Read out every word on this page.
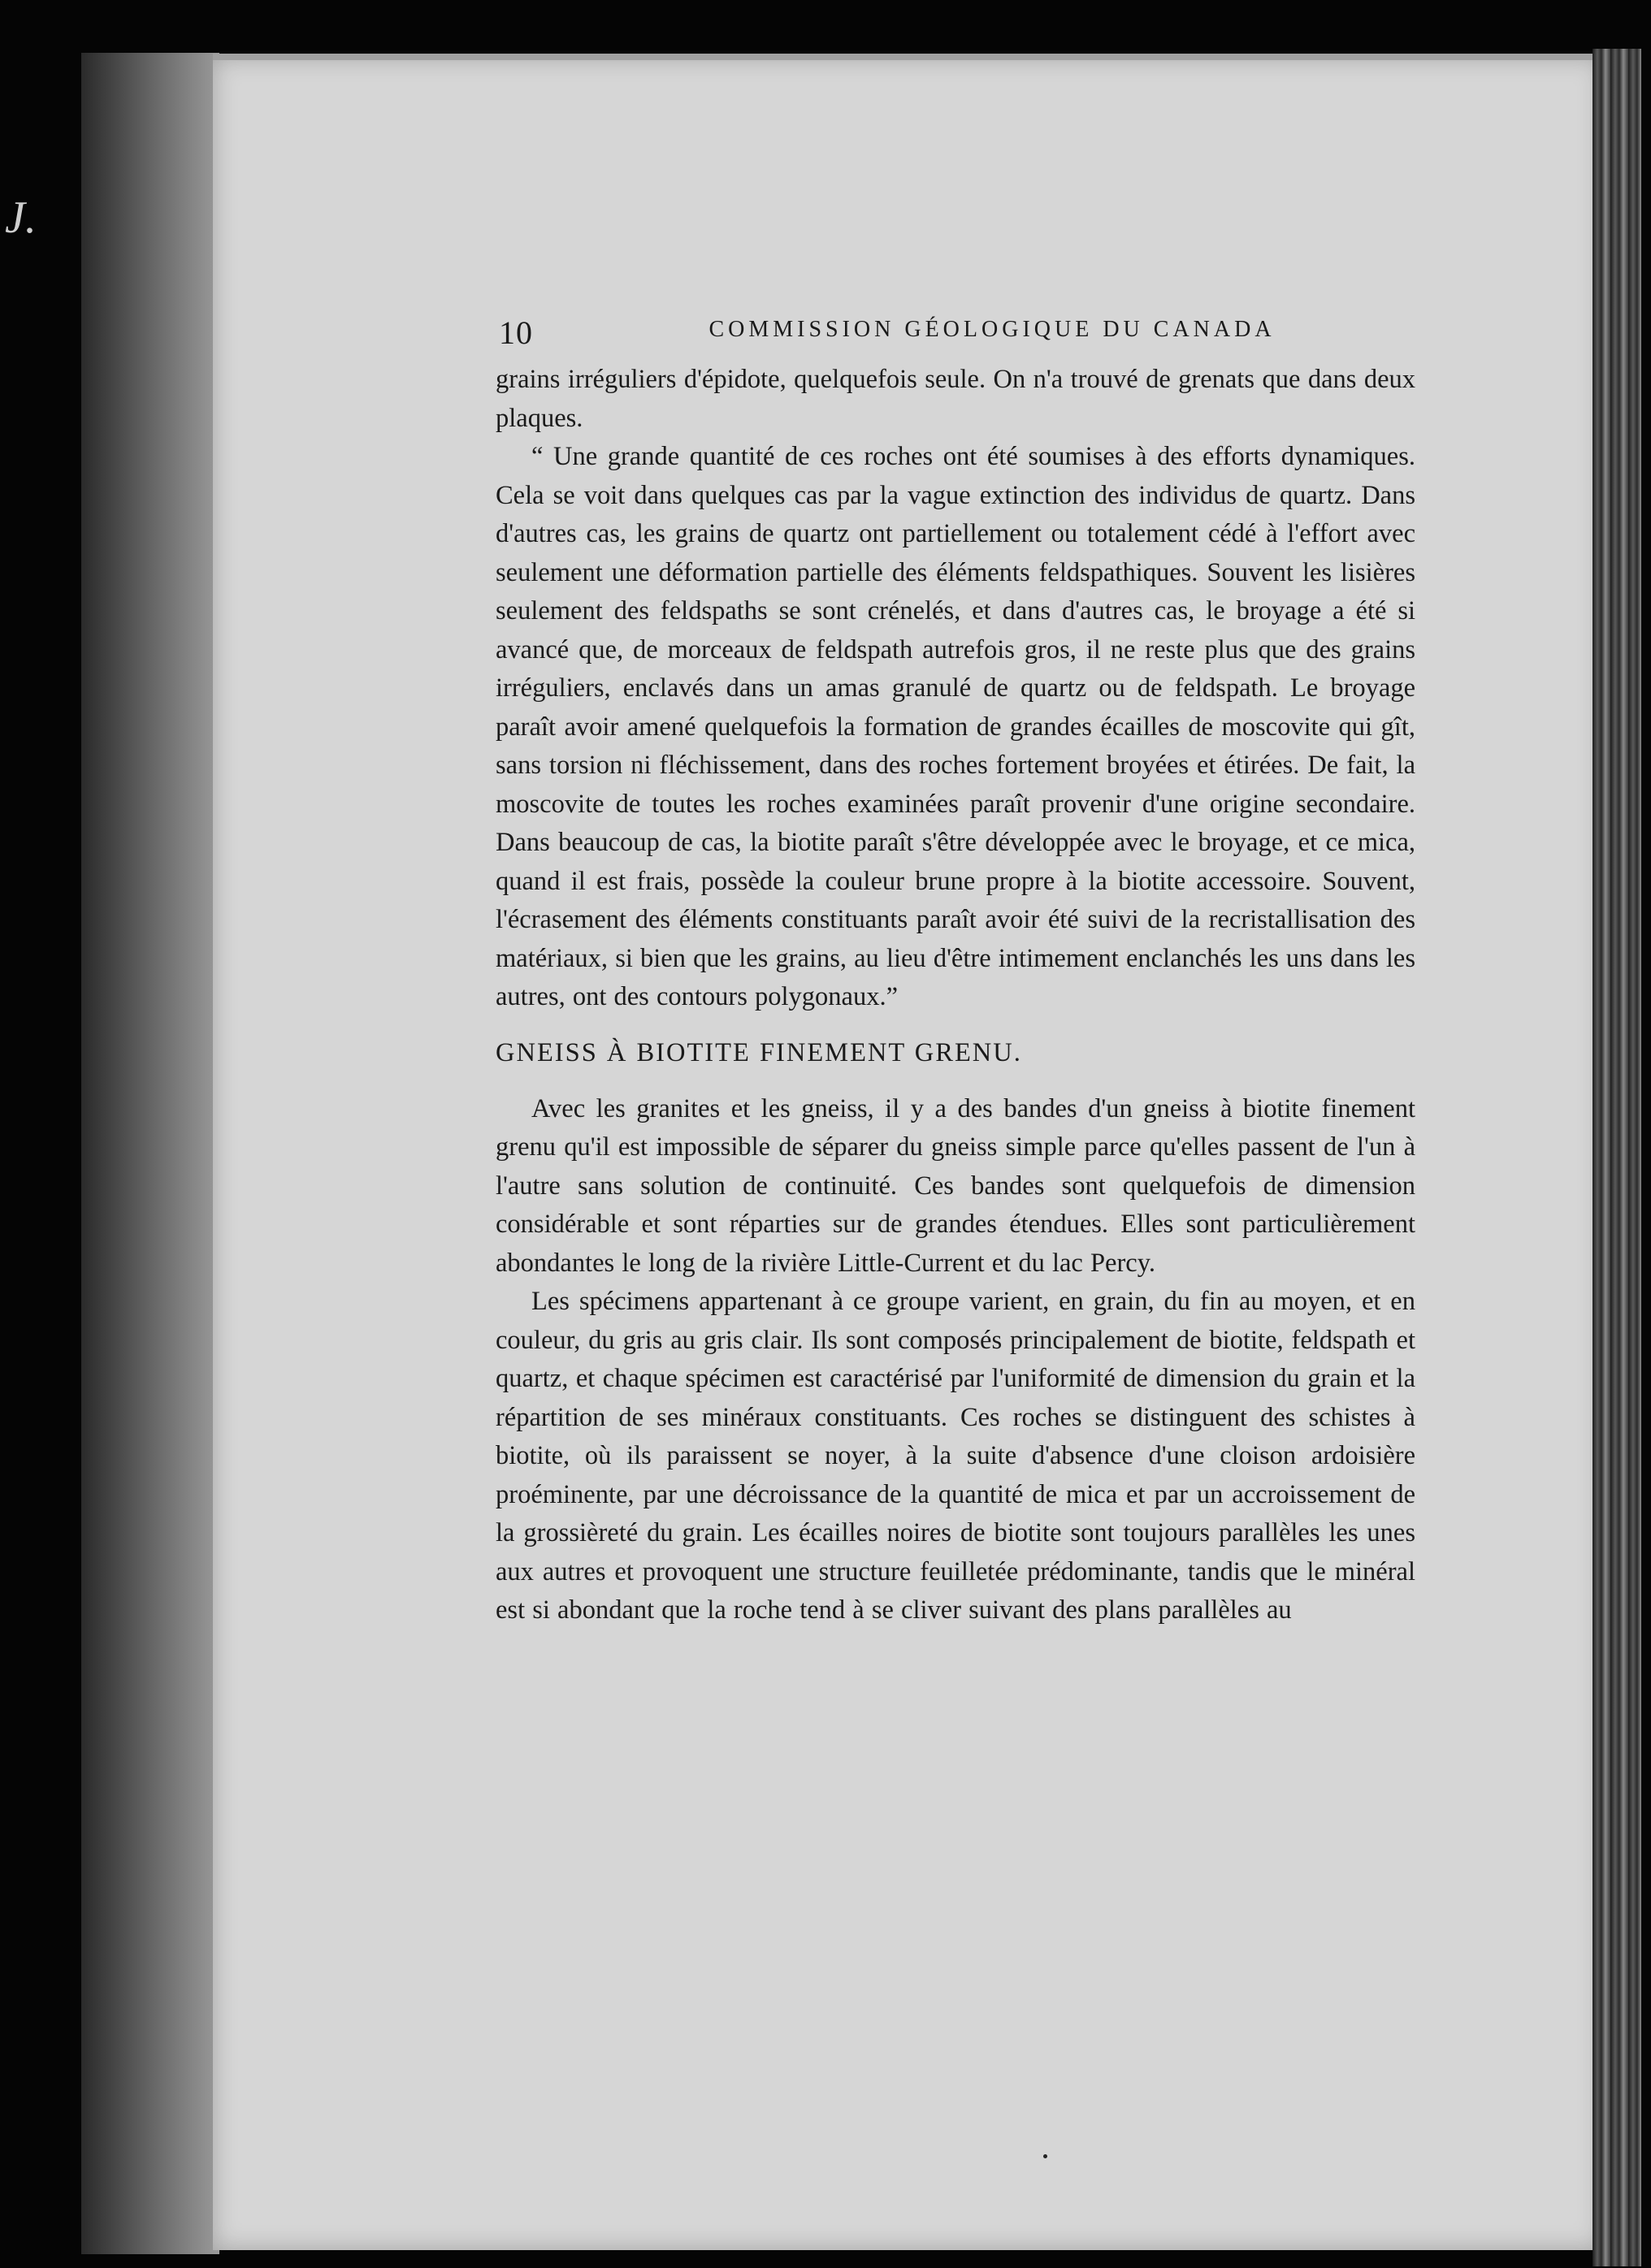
J.
10	COMMISSION GÉOLOGIQUE DU CANADA

grains irréguliers d'épidote, quelquefois seule. On n'a trouvé de grenats que dans deux plaques.

“ Une grande quantité de ces roches ont été soumises à des efforts dynamiques. Cela se voit dans quelques cas par la vague extinction des individus de quartz. Dans d'autres cas, les grains de quartz ont partiellement ou totalement cédé à l'effort avec seulement une déformation partielle des éléments feldspathiques. Souvent les lisières seulement des feldspaths se sont crénelés, et dans d'autres cas, le broyage a été si avancé que, de morceaux de feldspath autrefois gros, il ne reste plus que des grains irréguliers, enclavés dans un amas granulé de quartz ou de feldspath. Le broyage paraît avoir amené quelquefois la formation de grandes écailles de moscovite qui gît, sans torsion ni fléchissement, dans des roches fortement broyées et étirées. De fait, la moscovite de toutes les roches examinées paraît provenir d'une origine secondaire. Dans beaucoup de cas, la biotite paraît s'être développée avec le broyage, et ce mica, quand il est frais, possède la couleur brune propre à la biotite accessoire. Souvent, l'écrasement des éléments constituants paraît avoir été suivi de la recristallisation des matériaux, si bien que les grains, au lieu d'être intimement enclanchés les uns dans les autres, ont des contours polygonaux.”

GNEISS À BIOTITE FINEMENT GRENU.

Avec les granites et les gneiss, il y a des bandes d'un gneiss à biotite finement grenu qu'il est impossible de séparer du gneiss simple parce qu'elles passent de l'un à l'autre sans solution de continuité. Ces bandes sont quelquefois de dimension considérable et sont réparties sur de grandes étendues. Elles sont particulièrement abondantes le long de la rivière Little-Current et du lac Percy.

Les spécimens appartenant à ce groupe varient, en grain, du fin au moyen, et en couleur, du gris au gris clair. Ils sont composés principalement de biotite, feldspath et quartz, et chaque spécimen est caractérisé par l'uniformité de dimension du grain et la répartition de ses minéraux constituants. Ces roches se distinguent des schistes à biotite, où ils paraissent se noyer, à la suite d'absence d'une cloison ardoisière proéminente, par une décroissance de la quantité de mica et par un accroissement de la grossièreté du grain. Les écailles noires de biotite sont toujours parallèles les unes aux autres et provoquent une structure feuilletée prédominante, tandis que le minéral est si abondant que la roche tend à se cliver suivant des plans parallèles au
